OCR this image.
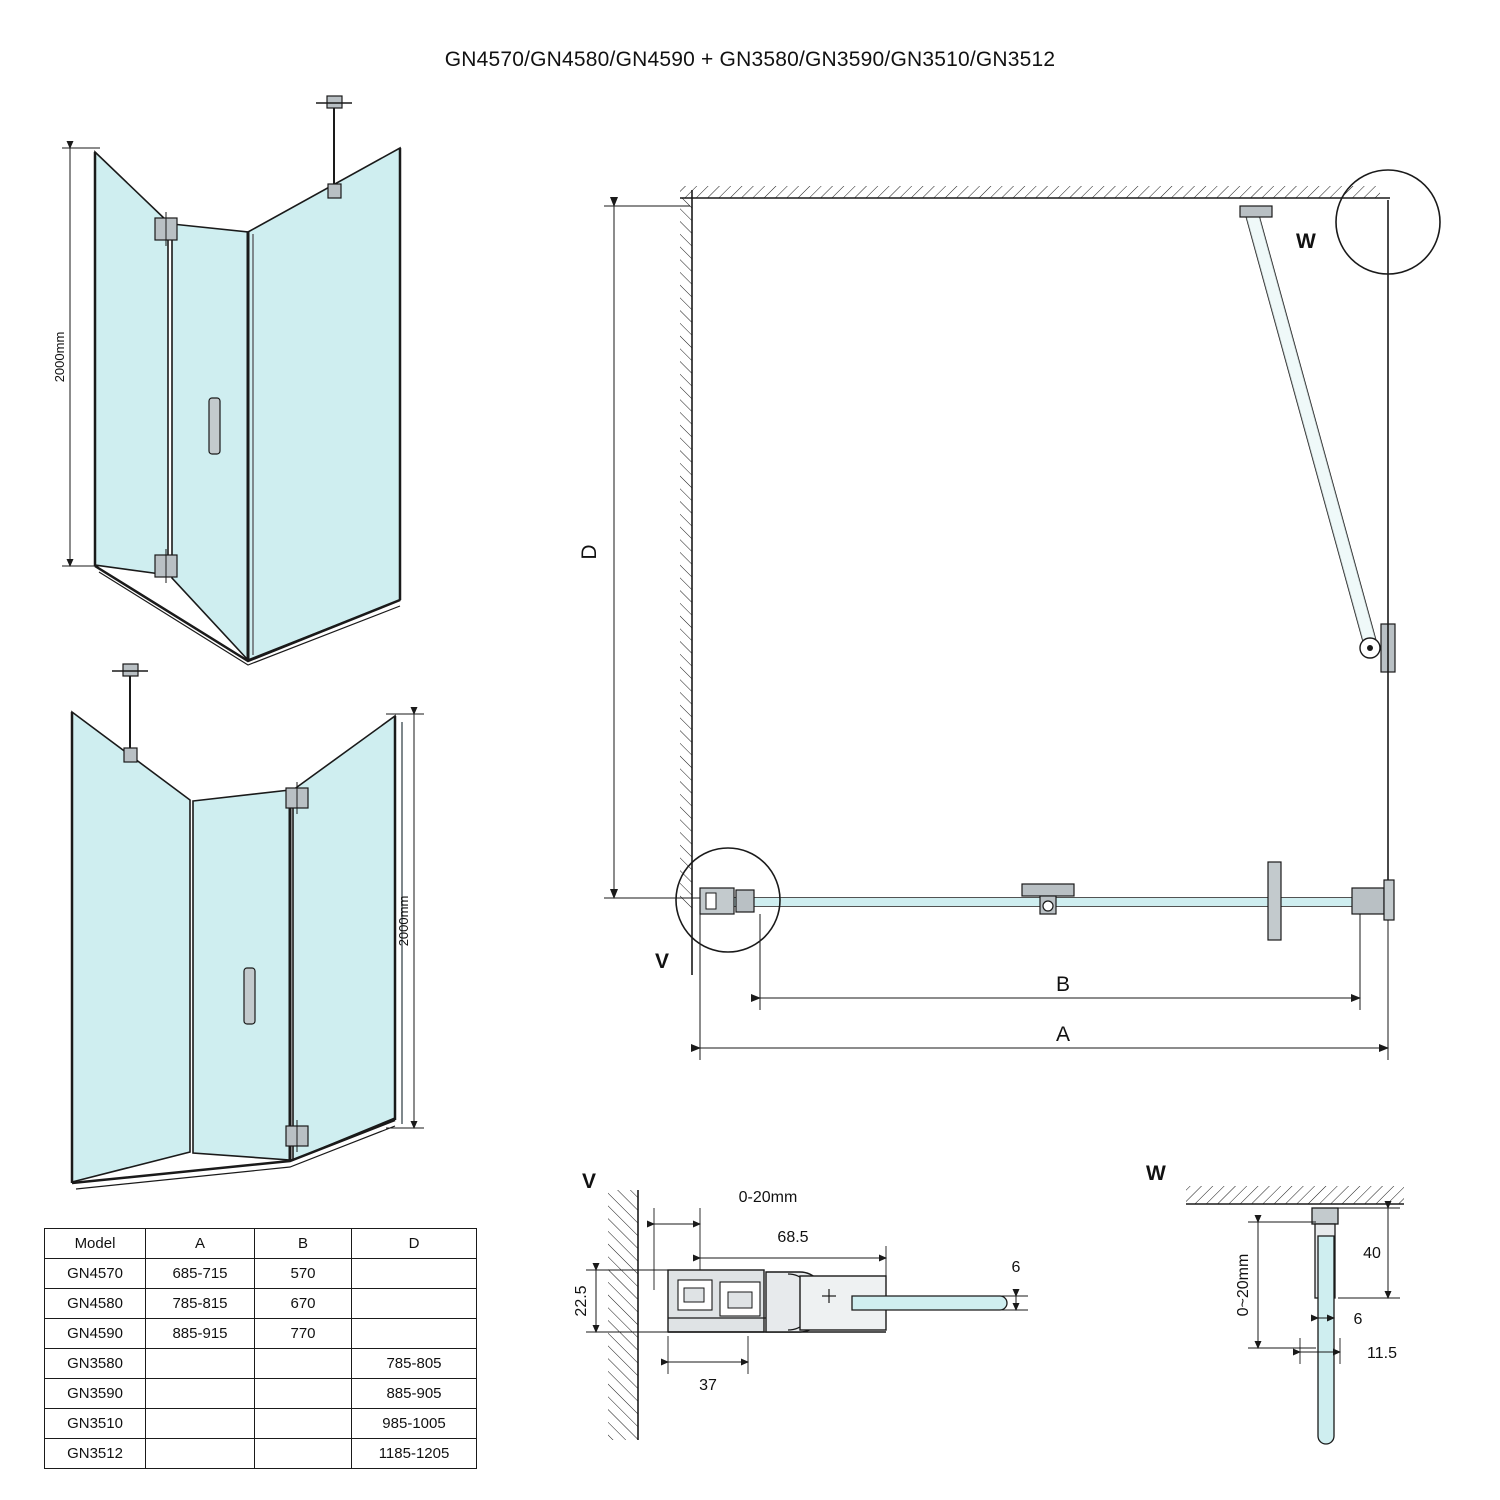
GN4570/GN4580/GN4590 + GN3580/GN3590/GN3510/GN3512
2000mm
2000mm
V
W
D
B
A
V
0-20mm
68.5
6
22.5
37
W
40
0~20mm
6
11.5
Model	A	B	D
GN4570	685-715	570	
GN4580	785-815	670	
GN4590	885-915	770	
GN3580			785-805
GN3590			885-905
GN3510			985-1005
GN3512			1185-1205
